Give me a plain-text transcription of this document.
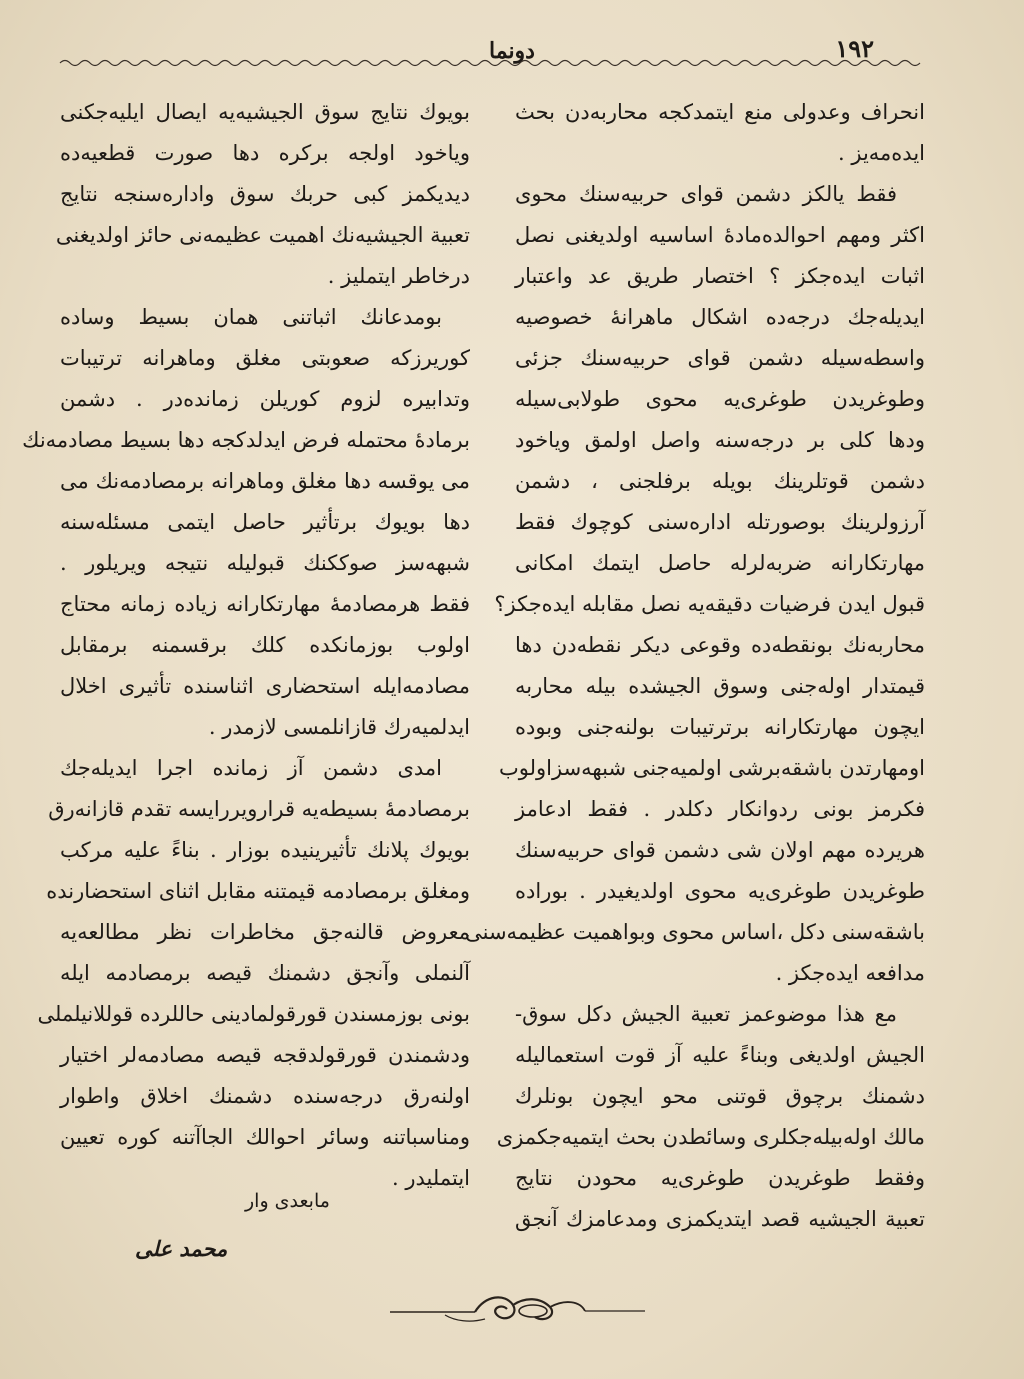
١٩٢
دونما
انحراف وعدولى منع ايتمدكجه محاربه‌دن بحث
ايده‌مه‌يز .
فقط يالكز دشمن قواى حربيه‌سنك محوى
اكثر ومهم احوالده‌مادهٔ اساسيه اولديغنى نصل
اثبات ايده‌جكز ؟ اختصار طريق عد واعتبار
ايديله‌جك درجه‌ده اشكال ماهرانهٔ خصوصيه
واسطه‌سيله دشمن قواى حربيه‌سنك جزئى
وطوغريدن طوغرى‌يه محوى طولابى‌سيله
ودها كلى بر درجه‌سنه واصل اولمق وياخود
دشمن قوتلرينك بويله برفلجنى ، دشمن
آرزولرينك بوصورتله اداره‌سنى كوچوك فقط
مهارتكارانه ضربه‌لرله حاصل ايتمك امكانى
قبول ايدن فرضيات دقيقه‌يه نصل مقابله ايده‌جكز؟
محاربه‌نك بونقطه‌ده وقوعى ديكر نقطه‌دن دها
قيمتدار اوله‌جنى وسوق الجيشده بيله محاربه
ايچون مهارتكارانه برترتيبات بولنه‌جنى وبوده
اومهارتدن باشقه‌برشى اولميه‌جنى شبهه‌سزاولوب
فكرمز بونى ردوانكار دكلدر . فقط ادعامز
هريرده مهم اولان شى دشمن قواى حربيه‌سنك
طوغريدن طوغرى‌يه محوى اولديغيدر . بوراده
باشقه‌سنى دكل ،اساس محوى وبواهميت عظيمه‌سنى
مدافعه ايده‌جكز .
مع هذا موضوعمز تعبية الجيش دكل سوق-
الجيش اولديغى وبناءً عليه آز قوت استعماليله
دشمنك برچوق قوتنى محو ايچون بونلرك
مالك اوله‌بيله‌جكلرى وسائطدن بحث ايتميه‌جكمزى
وفقط طوغريدن طوغرى‌يه محودن نتايج
تعبية الجيشيه قصد ايتديكمزى ومدعامزك آنجق
بويوك نتايج سوق الجيشيه‌يه ايصال ايليه‌جكنى
وياخود اولجه بركره دها صورت قطعيه‌ده
ديديكمز كبى حربك سوق واداره‌سنجه نتايج
تعبية الجيشيه‌نك اهميت عظيمه‌نى حائز اولديغنى
درخاطر ايتمليز .
بومدعانك اثباتنى همان بسيط وساده
كوريرزكه صعوبتى مغلق وماهرانه ترتيبات
وتدابيره لزوم كوريلن زمانده‌در . دشمن
برمادهٔ محتمله فرض ايدلدكجه دها بسيط مصادمه‌نك
مى يوقسه دها مغلق وماهرانه برمصادمه‌نك مى
دها بويوك برتأثير حاصل ايتمى مسئله‌سنه
شبهه‌سز صوككنك قبوليله نتيجه ويريلور .
فقط هرمصادمهٔ مهارتكارانه زياده زمانه محتاج
اولوب بوزمانكده كلك برقسمنه برمقابل
مصادمه‌ايله استحضارى اثناسنده تأثيرى اخلال
ايدلميه‌رك قازانلمسى لازمدر .
امدى دشمن آز زمانده اجرا ايديله‌جك
برمصادمهٔ بسيطه‌يه قرارويررايسه تقدم قازانه‌رق
بويوك پلانك تأثيرينيده بوزار . بناءً عليه مركب
ومغلق برمصادمه قيمتنه مقابل اثناى استحضارنده
معروض قالنه‌جق مخاطرات نظر مطالعه‌يه
آلنملى وآنجق دشمنك قيصه برمصادمه ايله
بونى بوزمسندن قورقولمادينى حاللرده قوللانيلملى
ودشمندن قورقولدقجه قيصه مصادمه‌لر اختيار
اولنه‌رق درجه‌سنده دشمنك اخلاق واطوار
ومناسباتنه وسائر احوالك الجاآتنه كوره تعيين
ايتمليدر .
مابعدى وار
محمد على
